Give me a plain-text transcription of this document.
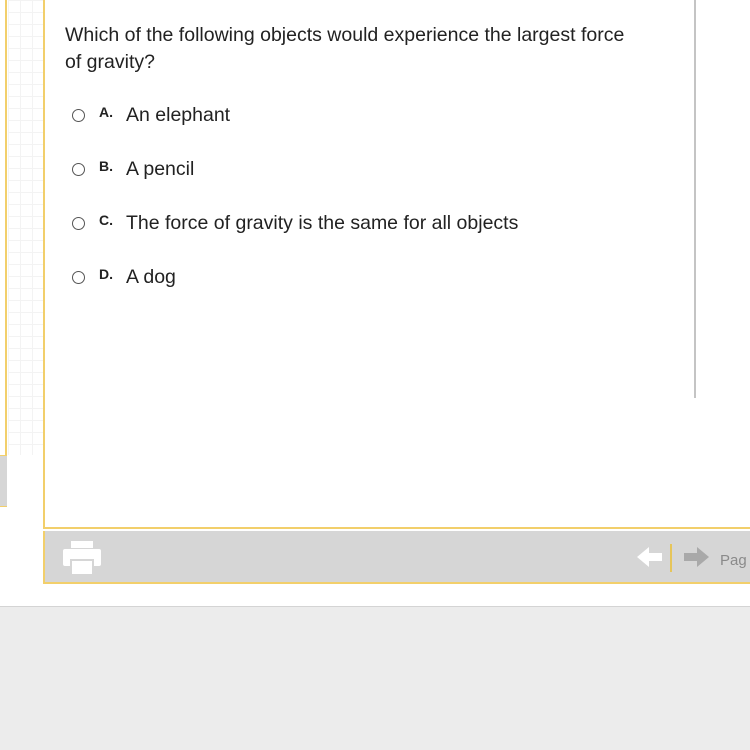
Which of the following objects would experience the largest force of gravity?
A. An elephant
B. A pencil
C. The force of gravity is the same for all objects
D. A dog
Pag
